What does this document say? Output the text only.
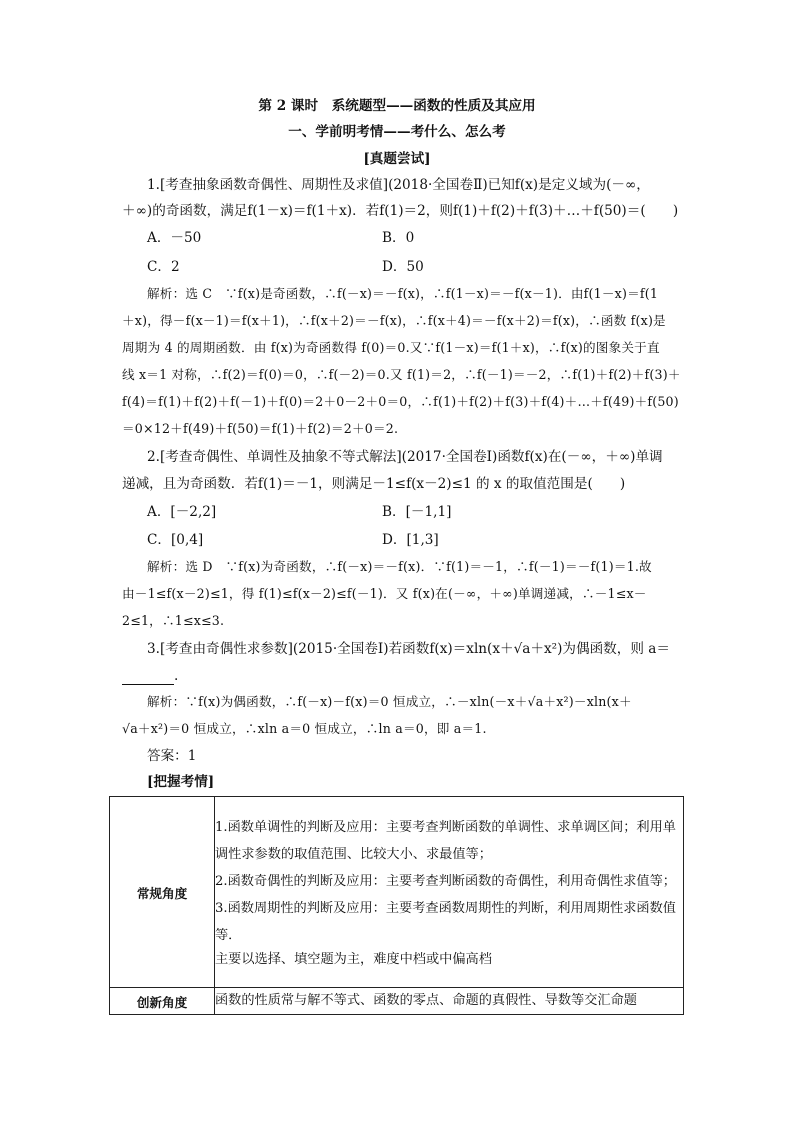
第 2 课时　系统题型——函数的性质及其应用
一、学前明考情——考什么、怎么考
[真题尝试]
1.[考查抽象函数奇偶性、周期性及求值](2018·全国卷Ⅱ)已知f(x)是定义域为(－∞，
＋∞)的奇函数，满足f(1－x)＝f(1＋x)．若f(1)＝2，则f(1)＋f(2)＋f(3)＋…＋f(50)＝(　　)
A．－50	B．0
C．2	D．50
解析：选 C　∵f(x)是奇函数，∴f(－x)＝－f(x)，∴f(1－x)＝－f(x－1)．由f(1－x)＝f(1
＋x)，得－f(x－1)＝f(x＋1)，∴f(x＋2)＝－f(x)，∴f(x＋4)＝－f(x＋2)＝f(x)，∴函数 f(x)是
周期为 4 的周期函数．由 f(x)为奇函数得 f(0)＝0.又∵f(1－x)＝f(1＋x)，∴f(x)的图象关于直
线 x＝1 对称，∴f(2)＝f(0)＝0，∴f(－2)＝0.又 f(1)＝2，∴f(－1)＝－2，∴f(1)＋f(2)＋f(3)＋
f(4)＝f(1)＋f(2)＋f(－1)＋f(0)＝2＋0－2＋0＝0，∴f(1)＋f(2)＋f(3)＋f(4)＋…＋f(49)＋f(50)
＝0×12＋f(49)＋f(50)＝f(1)＋f(2)＝2＋0＝2.
2.[考查奇偶性、单调性及抽象不等式解法](2017·全国卷Ⅰ)函数f(x)在(－∞，＋∞)单调
递减，且为奇函数．若f(1)＝－1，则满足－1≤f(x－2)≤1 的 x 的取值范围是(　　)
A．[－2,2]	B．[－1,1]
C．[0,4]	D．[1,3]
解析：选 D　∵f(x)为奇函数，∴f(－x)＝－f(x)．∵f(1)＝－1，∴f(－1)＝－f(1)＝1.故
由－1≤f(x－2)≤1，得 f(1)≤f(x－2)≤f(－1)．又 f(x)在(－∞，＋∞)单调递减，∴－1≤x－
2≤1，∴1≤x≤3.
3.[考查由奇偶性求参数](2015·全国卷Ⅰ)若函数f(x)＝xln(x＋√a＋x²)为偶函数，则 a＝
.
解析：∵f(x)为偶函数，∴f(－x)－f(x)＝0 恒成立，∴－xln(－x＋√a＋x²)－xln(x＋
√a＋x²)＝0 恒成立，∴xln a＝0 恒成立，∴ln a＝0，即 a＝1.
答案：1
[把握考情]
常规角度	1.函数单调性的判断及应用：主要考查判断函数的单调性、求单调区间；利用单调性求参数的取值范围、比较大小、求最值等；

2.函数奇偶性的判断及应用：主要考查判断函数的奇偶性，利用奇偶性求值等；

3.函数周期性的判断及应用：主要考查函数周期性的判断，利用周期性求函数值等．

主要以选择、填空题为主，难度中档或中偏高档

创新角度	函数的性质常与解不等式、函数的零点、命题的真假性、导数等交汇命题
